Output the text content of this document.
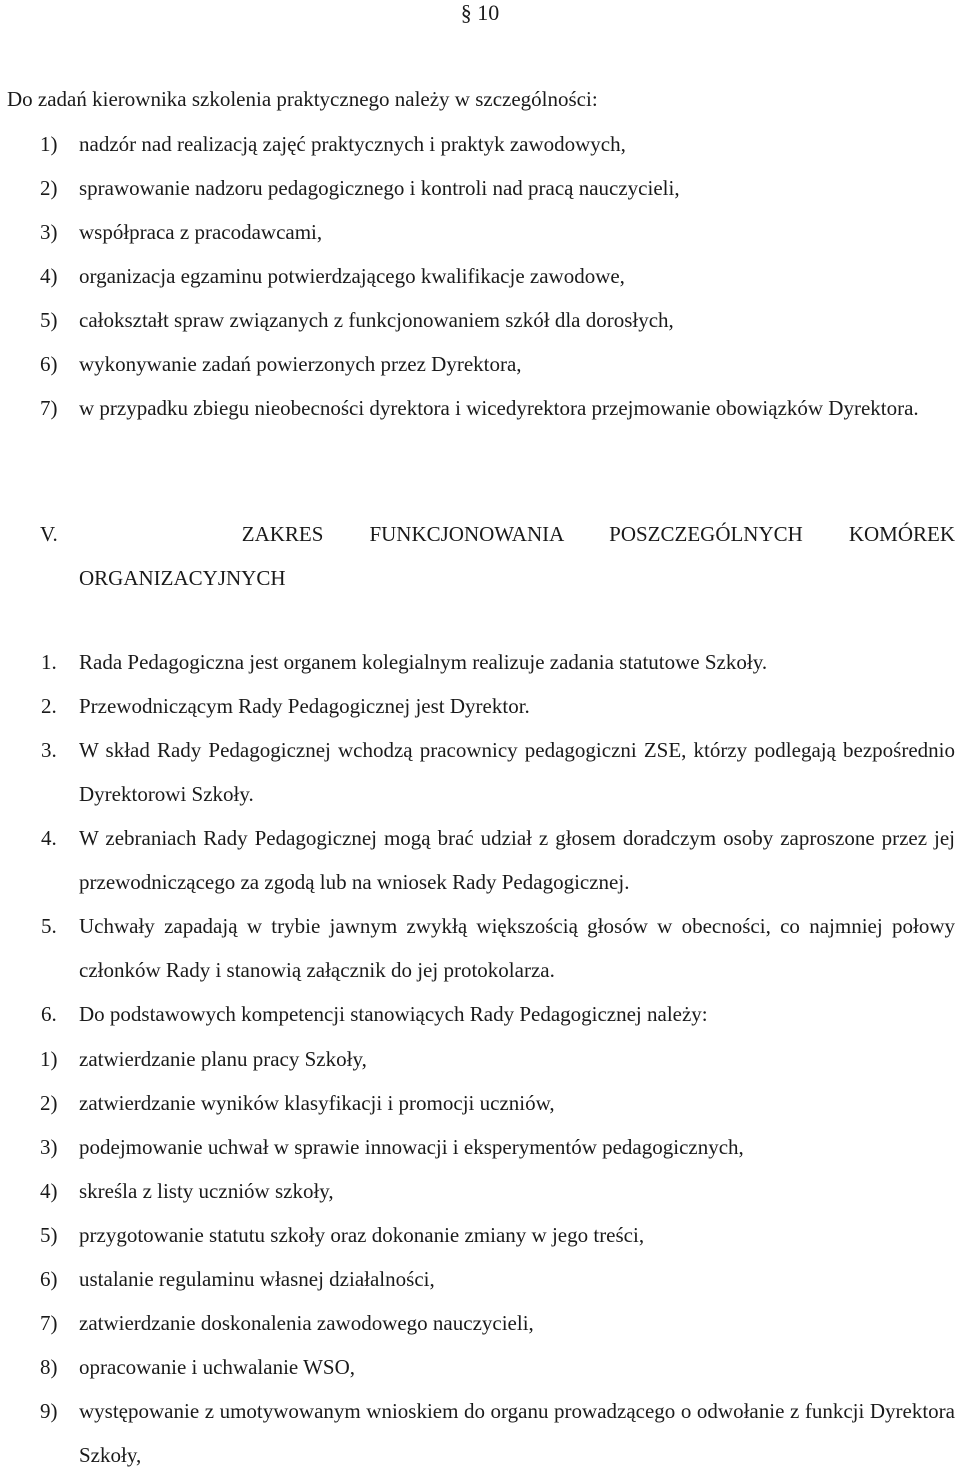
§ 10
Do zadań kierownika szkolenia praktycznego należy w szczególności:
1) nadzór nad realizacją zajęć praktycznych i praktyk zawodowych,
2) sprawowanie nadzoru pedagogicznego i kontroli nad pracą nauczycieli,
3) współpraca z pracodawcami,
4) organizacja egzaminu potwierdzającego kwalifikacje zawodowe,
5) całokształt spraw związanych z funkcjonowaniem szkół dla dorosłych,
6) wykonywanie zadań powierzonych przez Dyrektora,
7) w przypadku zbiegu nieobecności dyrektora i wicedyrektora przejmowanie obowiązków Dyrektora.
V.	ZAKRES FUNKCJONOWANIA POSZCZEGÓLNYCH KOMÓREK
ORGANIZACYJNYCH
1. Rada Pedagogiczna jest organem kolegialnym realizuje zadania statutowe Szkoły.
2. Przewodniczącym Rady Pedagogicznej jest Dyrektor.
3. W skład Rady Pedagogicznej wchodzą pracownicy pedagogiczni ZSE, którzy podlegają bezpośrednio Dyrektorowi Szkoły.
4. W zebraniach Rady Pedagogicznej mogą brać udział z głosem doradczym osoby zaproszone przez jej przewodniczącego za zgodą lub na wniosek Rady Pedagogicznej.
5. Uchwały zapadają w trybie jawnym zwykłą większością głosów w obecności, co najmniej połowy członków Rady i stanowią załącznik do jej protokolarza.
6. Do podstawowych kompetencji stanowiących Rady Pedagogicznej należy:
1) zatwierdzanie planu pracy Szkoły,
2) zatwierdzanie wyników klasyfikacji i promocji uczniów,
3) podejmowanie uchwał w sprawie innowacji i eksperymentów pedagogicznych,
4) skreśla z listy uczniów szkoły,
5) przygotowanie statutu szkoły oraz dokonanie zmiany w jego treści,
6) ustalanie regulaminu własnej działalności,
7) zatwierdzanie doskonalenia zawodowego nauczycieli,
8) opracowanie i uchwalanie WSO,
9) występowanie z umotywowanym wnioskiem do organu prowadzącego o odwołanie z funkcji Dyrektora Szkoły,
